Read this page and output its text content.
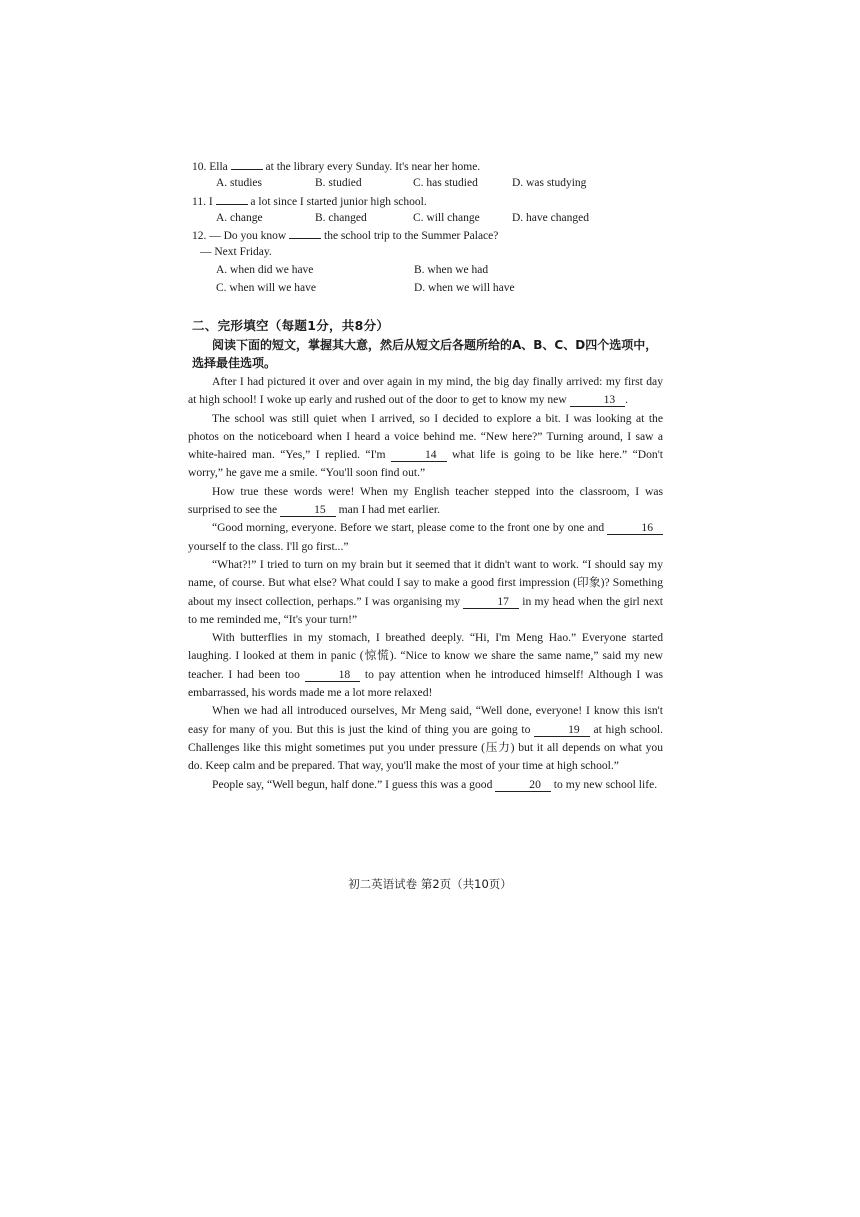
10. Ella	at the library every Sunday. It's near her home.
A. studies	B. studied	C. has studied	D. was studying
11. I	a lot since I started junior high school.
A. change	B. changed	C. will change	D. have changed
12. — Do you know	the school trip to the Summer Palace?
— Next Friday.
A. when did we have	B. when we had
C. when will we have	D. when we will have
二、完形填空（每题1分，共8分）
阅读下面的短文，掌握其大意，然后从短文后各题所给的A、B、C、D四个选项中，
选择最佳选项。

After I had pictured it over and over again in my mind, the big day finally arrived: my first day at high school! I woke up early and rushed out of the door to get to know my new	13 .

The school was still quiet when I arrived, so I decided to explore a bit. I was looking at the photos on the noticeboard when I heard a voice behind me. “New here?” Turning around, I saw a white-haired man. “Yes,” I replied. “I'm	14 what life is going to be like here.” “Don't worry,” he gave me a smile. “You'll soon find out.”

How true these words were! When my English teacher stepped into the classroom, I was surprised to see the	15 man I had met earlier.

“Good morning, everyone. Before we start, please come to the front one by one and	16 yourself to the class. I'll go first...”

“What?!” I tried to turn on my brain but it seemed that it didn't want to work. “I should say my name, of course. But what else? What could I say to make a good first impression (印象)? Something about my insect collection, perhaps.” I was organising my	17 in my head when the girl next to me reminded me, “It's your turn!”

With butterflies in my stomach, I breathed deeply. “Hi, I'm Meng Hao.” Everyone started laughing. I looked at them in panic (惊慌). “Nice to know we share the same name,” said my new teacher. I had been too	18 to pay attention when he introduced himself! Although I was embarrassed, his words made me a lot more relaxed!

When we had all introduced ourselves, Mr Meng said, “Well done, everyone! I know this isn't easy for many of you. But this is just the kind of thing you are going to	19 at high school. Challenges like this might sometimes put you under pressure (压力) but it all depends on what you do. Keep calm and be prepared. That way, you'll make the most of your time at high school.”

People say, “Well begun, half done.” I guess this was a good	20 to my new school life.

初二英语试卷 第2页（共10页）
